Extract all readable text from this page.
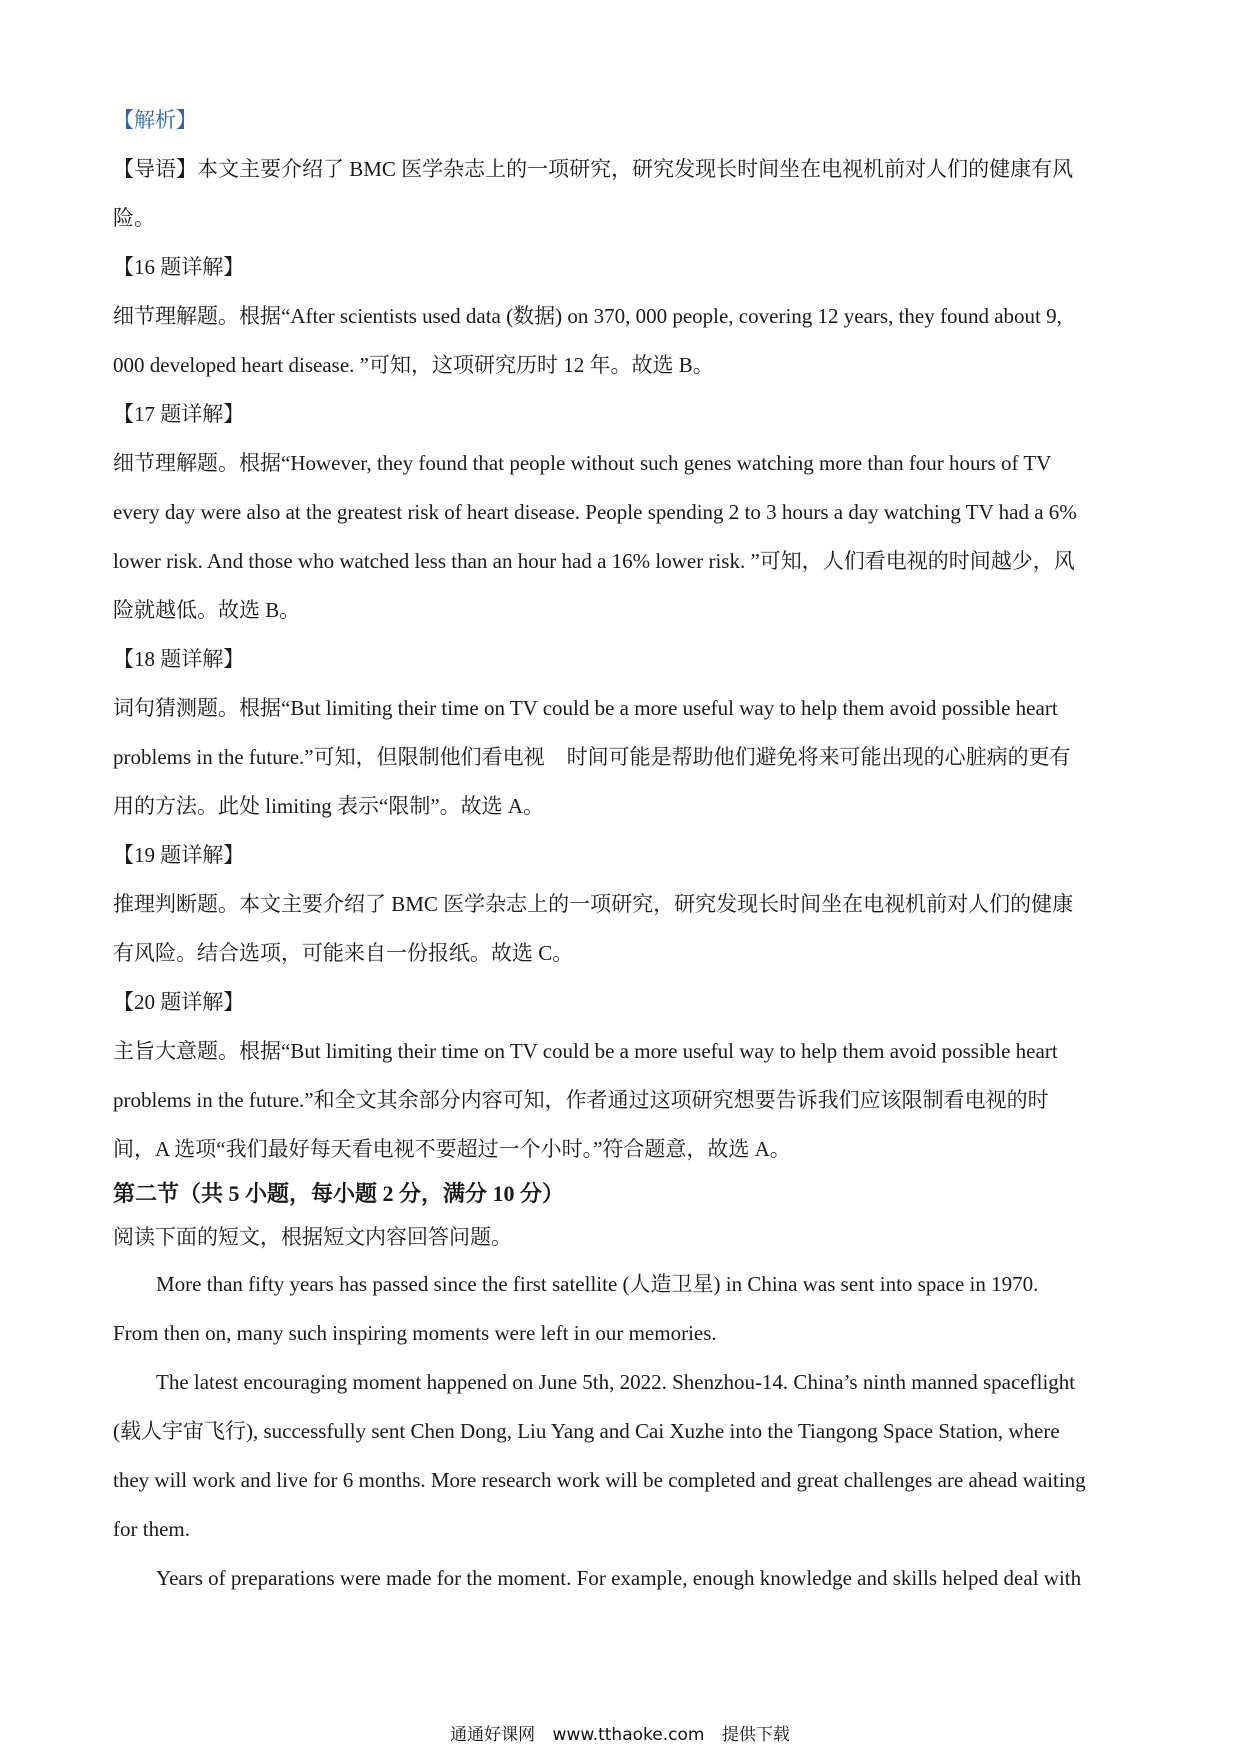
【解析】

【导语】本文主要介绍了 BMC 医学杂志上的一项研究，研究发现长时间坐在电视机前对人们的健康有风

险。

【16 题详解】

细节理解题。根据“After scientists used data (数据) on 370, 000 people, covering 12 years, they found about 9,

000 developed heart disease. ”可知，这项研究历时 12 年。故选 B。

【17 题详解】

细节理解题。根据“However, they found that people without such genes watching more than four hours of TV

every day were also at the greatest risk of heart disease. People spending 2 to 3 hours a day watching TV had a 6%

lower risk. And those who watched less than an hour had a 16% lower risk. ”可知，人们看电视的时间越少，风

险就越低。故选 B。

【18 题详解】

词句猜测题。根据“But limiting their time on TV could be a more useful way to help them avoid possible heart

problems in the future.”可知，但限制他们看电视 时间可能是帮助他们避免将来可能出现的心脏病的更有

用的方法。此处 limiting 表示“限制”。故选 A。

【19 题详解】

推理判断题。本文主要介绍了 BMC 医学杂志上的一项研究，研究发现长时间坐在电视机前对人们的健康

有风险。结合选项，可能来自一份报纸。故选 C。

【20 题详解】

主旨大意题。根据“But limiting their time on TV could be a more useful way to help them avoid possible heart

problems in the future.”和全文其余部分内容可知，作者通过这项研究想要告诉我们应该限制看电视的时

间，A 选项“我们最好每天看电视不要超过一个小时。”符合题意，故选 A。

第二节（共 5 小题，每小题 2 分，满分 10 分）

阅读下面的短文，根据短文内容回答问题。

More than fifty years has passed since the first satellite (人造卫星) in China was sent into space in 1970.

From then on, many such inspiring moments were left in our memories.

The latest encouraging moment happened on June 5th, 2022. Shenzhou-14. China’s ninth manned spaceflight

(载人宇宙飞行), successfully sent Chen Dong, Liu Yang and Cai Xuzhe into the Tiangong Space Station, where

they will work and live for 6 months. More research work will be completed and great challenges are ahead waiting

for them.

Years of preparations were made for the moment. For example, enough knowledge and skills helped deal with

通通好课网 www.tthaoke.com 提供下载
